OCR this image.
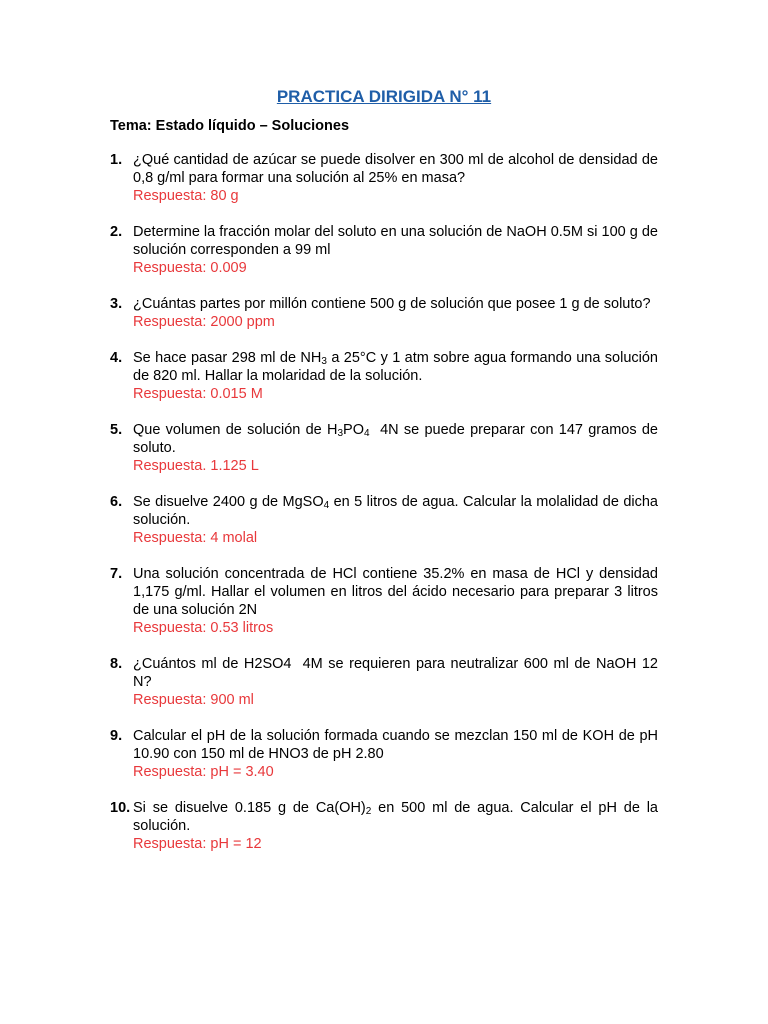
PRACTICA DIRIGIDA N° 11
Tema: Estado líquido – Soluciones
1. ¿Qué cantidad de azúcar se puede disolver en 300 ml de alcohol de densidad de 0,8 g/ml para formar una solución al 25% en masa?
Respuesta: 80 g
2. Determine la fracción molar del soluto en una solución de NaOH 0.5M si 100 g de solución corresponden a 99 ml
Respuesta: 0.009
3. ¿Cuántas partes por millón contiene 500 g de solución que posee 1 g de soluto?
Respuesta: 2000 ppm
4. Se hace pasar 298 ml de $NH_3$ a 25°C y 1 atm sobre agua formando una solución de 820 ml. Hallar la molaridad de la solución.
Respuesta: 0.015 M
5. Que volumen de solución de $H_3PO_4$  4N se puede preparar con 147 gramos de soluto.
Respuesta. 1.125 L
6. Se disuelve 2400 g de MgSO$_4$ en 5 litros de agua. Calcular la molalidad de dicha solución.
Respuesta: 4 molal
7. Una solución concentrada de HCl contiene 35.2% en masa de HCl y densidad 1,175 g/ml. Hallar el volumen en litros del ácido necesario para preparar 3 litros de una solución 2N
Respuesta: 0.53 litros
8. ¿Cuántos ml de H2SO4  4M se requieren para neutralizar 600 ml de NaOH 12 N?
Respuesta: 900 ml
9. Calcular el pH de la solución formada cuando se mezclan 150 ml de KOH de pH 10.90 con 150 ml de HNO3 de pH 2.80
Respuesta: pH = 3.40
10. Si se disuelve 0.185 g de $Ca(OH)_2$ en 500 ml de agua. Calcular el pH de la solución.
Respuesta: pH = 12
